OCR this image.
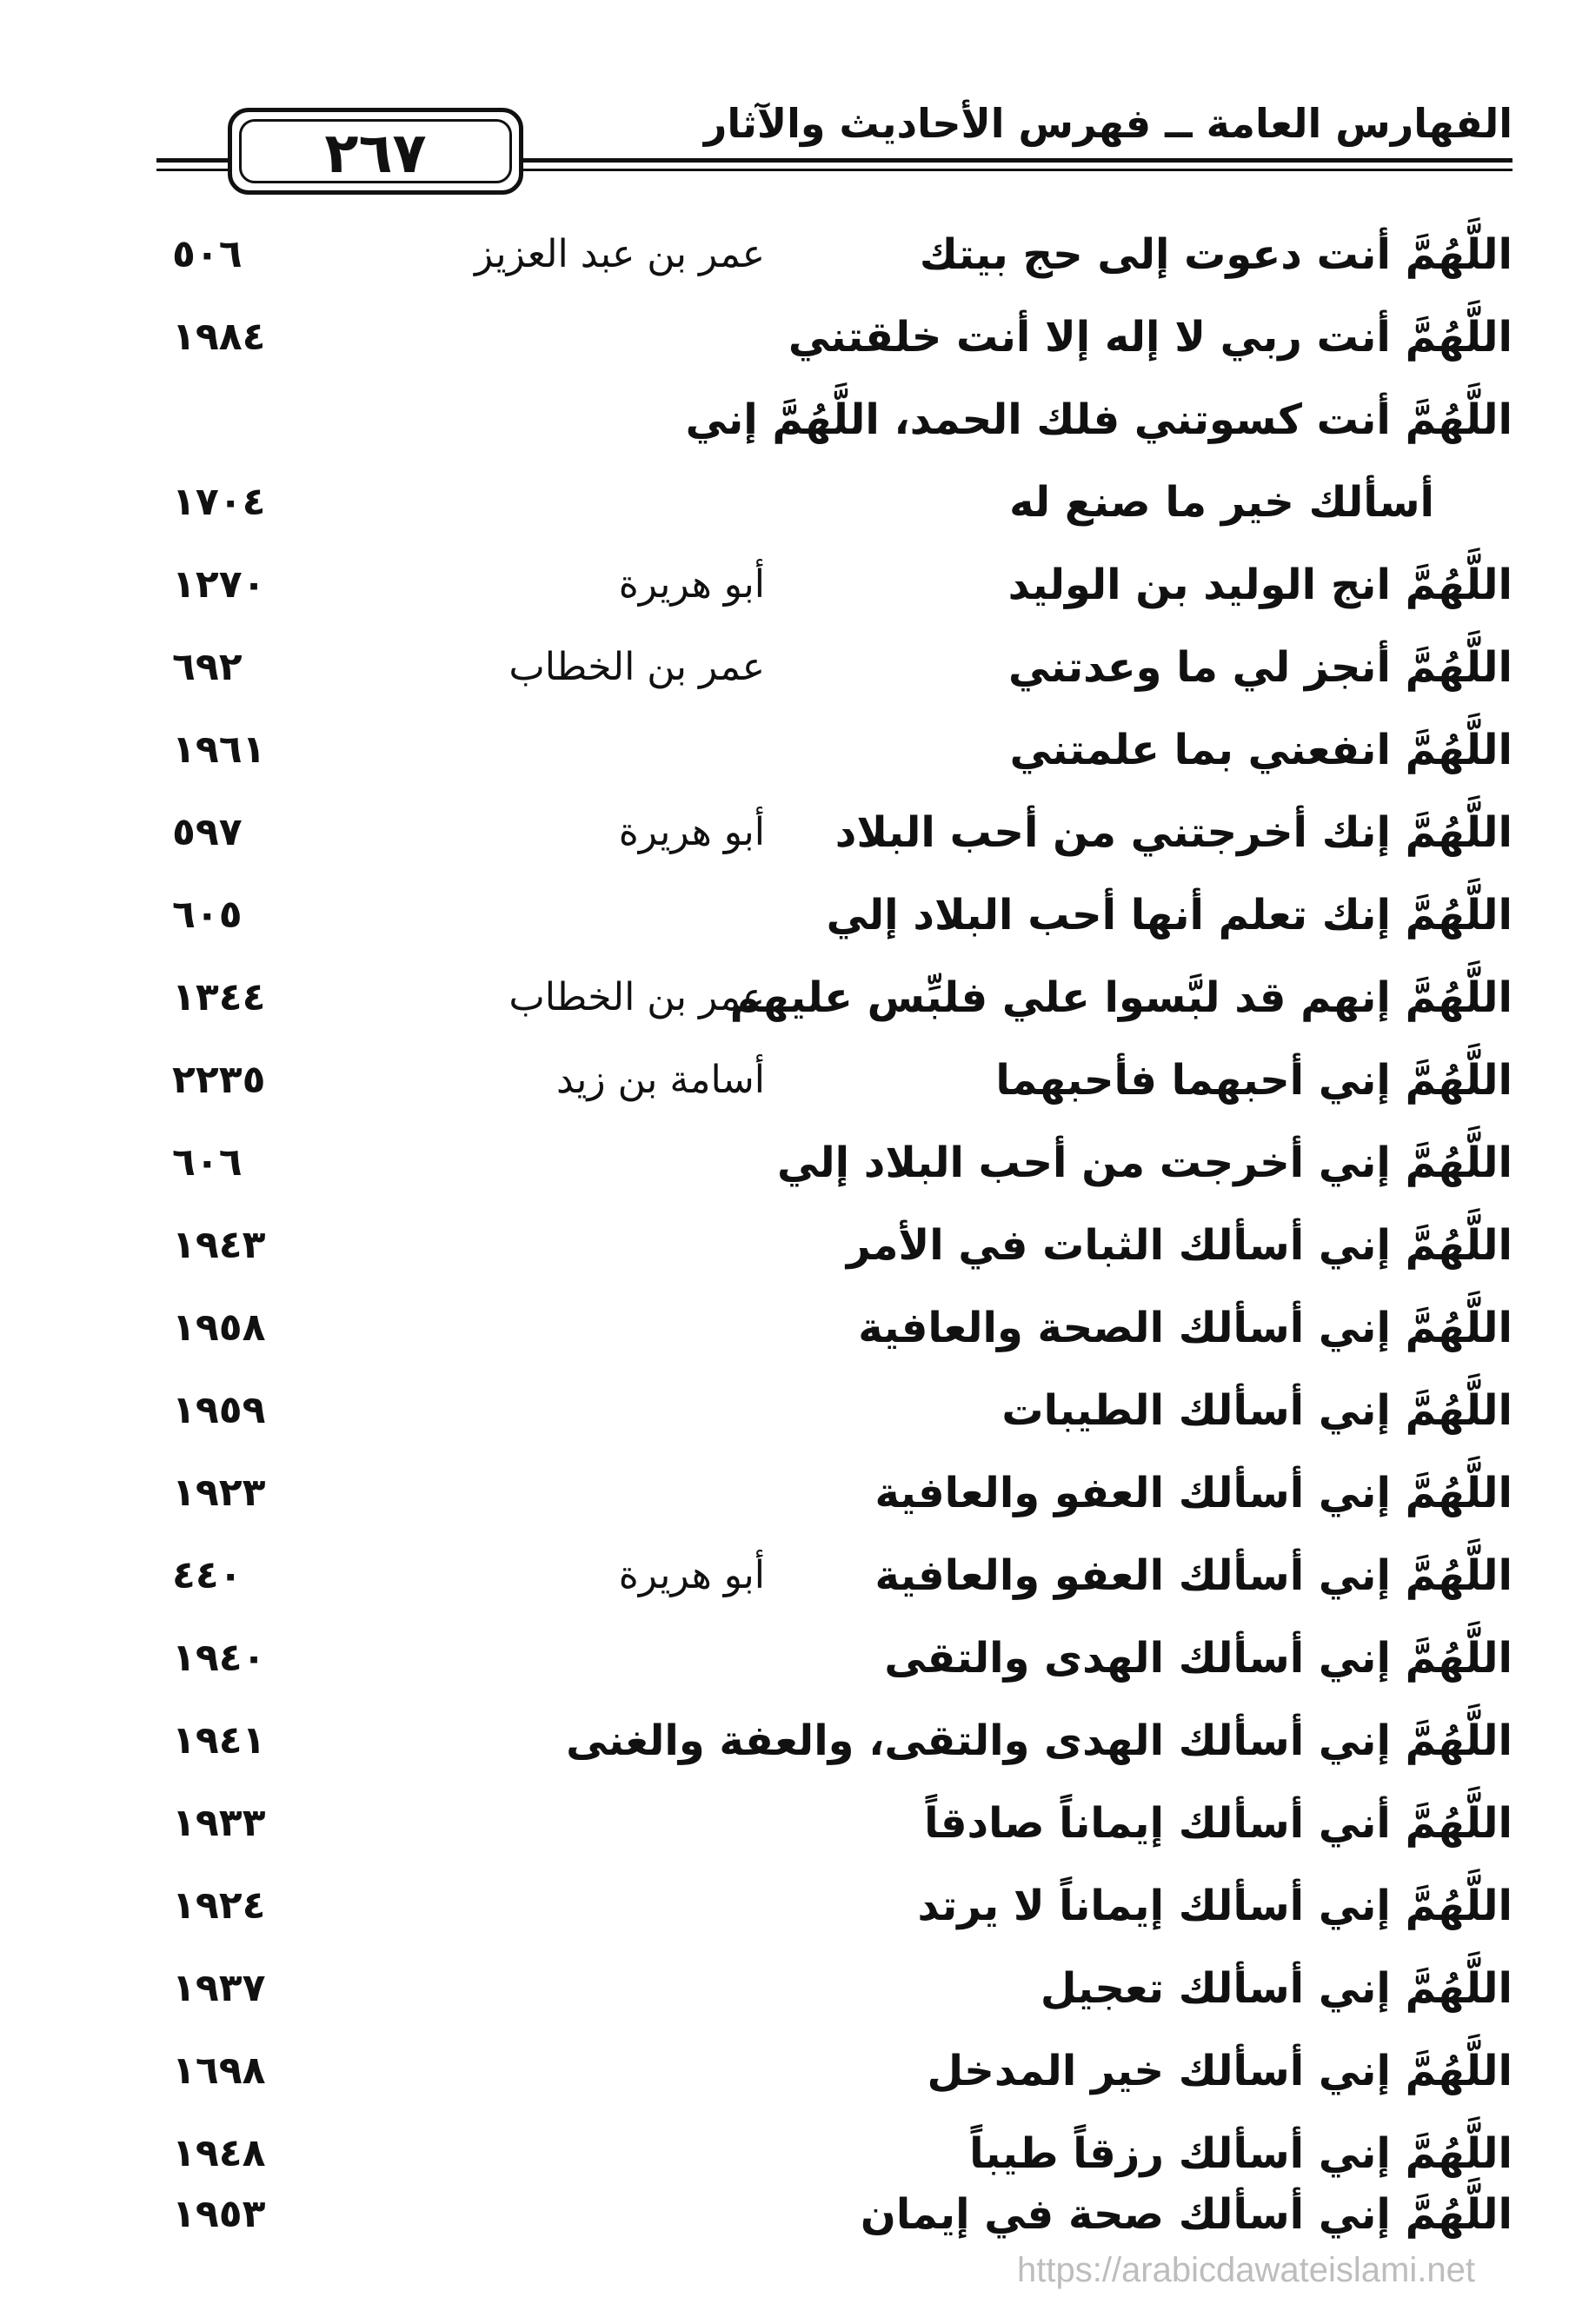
٢٦٧	الفهارس العامة ــ فهرس الأحاديث والآثار
اللَّهُمَّ أنت دعوت إلى حج بيتك
عمر بن عبد العزيز
٥٠٦
اللَّهُمَّ أنت ربي لا إله إلا أنت خلقتني
١٩٨٤
اللَّهُمَّ أنت كسوتني فلك الحمد، اللَّهُمَّ إني
أسألك خير ما صنع له
١٧٠٤
اللَّهُمَّ انج الوليد بن الوليد
أبو هريرة
١٢٧٠
اللَّهُمَّ أنجز لي ما وعدتني
عمر بن الخطاب
٦٩٢
اللَّهُمَّ انفعني بما علمتني
١٩٦١
اللَّهُمَّ إنك أخرجتني من أحب البلاد
أبو هريرة
٥٩٧
اللَّهُمَّ إنك تعلم أنها أحب البلاد إلي
٦٠٥
اللَّهُمَّ إنهم قد لبَّسوا علي فلبِّس عليهم
عمر بن الخطاب
١٣٤٤
اللَّهُمَّ إني أحبهما فأحبهما
أسامة بن زيد
٢٢٣٥
اللَّهُمَّ إني أخرجت من أحب البلاد إلي
٦٠٦
اللَّهُمَّ إني أسألك الثبات في الأمر
١٩٤٣
اللَّهُمَّ إني أسألك الصحة والعافية
١٩٥٨
اللَّهُمَّ إني أسألك الطيبات
١٩٥٩
اللَّهُمَّ إني أسألك العفو والعافية
١٩٢٣
اللَّهُمَّ إني أسألك العفو والعافية
أبو هريرة
٤٤٠
اللَّهُمَّ إني أسألك الهدى والتقى
١٩٤٠
اللَّهُمَّ إني أسألك الهدى والتقى، والعفة والغنى
١٩٤١
اللَّهُمَّ أني أسألك إيماناً صادقاً
١٩٣٣
اللَّهُمَّ إني أسألك إيماناً لا يرتد
١٩٢٤
اللَّهُمَّ إني أسألك تعجيل
١٩٣٧
اللَّهُمَّ إني أسألك خير المدخل
١٦٩٨
اللَّهُمَّ إني أسألك رزقاً طيباً
١٩٤٨
اللَّهُمَّ إني أسألك صحة في إيمان
١٩٥٣
https://arabicdawateislami.net
